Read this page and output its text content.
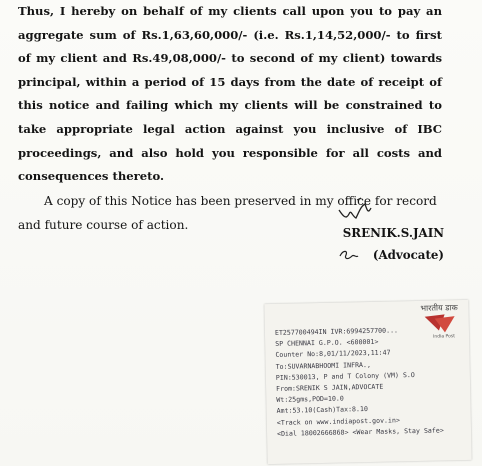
Thus, I hereby on behalf of my clients call upon you to pay an aggregate sum of Rs.1,63,60,000/- (i.e. Rs.1,14,52,000/- to first of my client and Rs.49,08,000/- to second of my client) towards principal, within a period of 15 days from the date of receipt of this notice and failing which my clients will be constrained to take appropriate legal action against you inclusive of IBC proceedings, and also hold you responsible for all costs and consequences thereto.

A copy of this Notice has been preserved in my office for record and future course of action.

SRENIK.S.JAIN
(Advocate)
भारतीय डाक
India Post
ET257700494IN IVR:6994257700...
SP CHENNAI G.P.O. <600001>
Counter No:8,01/11/2023,11:47
To:SUVARNABHOOMI INFRA.,
PIN:530013, P and T Colony (VM) S.O
From:SRENIK S JAIN,ADVOCATE
Wt:25gms,POD=10.0
Amt:53.10(Cash)Tax:8.10
<Track on www.indiapost.gov.in>
<Dial 18002666868> <Wear Masks, Stay Safe>
